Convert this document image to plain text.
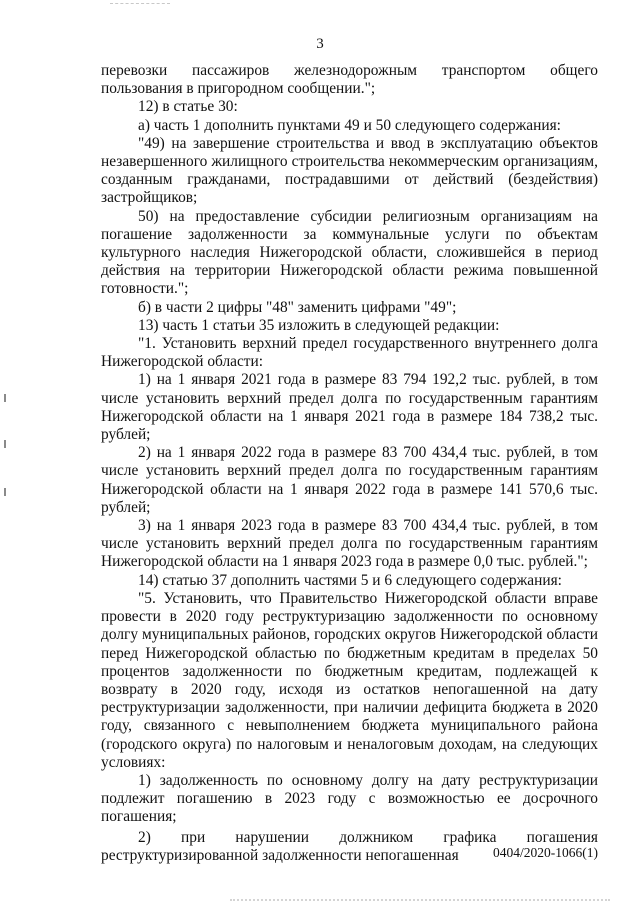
3

перевозки пассажиров железнодорожным транспортом общего пользования в пригородном сообщении.";

12) в статье 30:

а) часть 1 дополнить пунктами 49 и 50 следующего содержания:

"49) на завершение строительства и ввод в эксплуатацию объектов незавершенного жилищного строительства некоммерческим организациям, созданным гражданами, пострадавшими от действий (бездействия) застройщиков;

50) на предоставление субсидии религиозным организациям на погашение задолженности за коммунальные услуги по объектам культурного наследия Нижегородской области, сложившейся в период действия на территории Нижегородской области режима повышенной готовности.";

б) в части 2 цифры "48" заменить цифрами "49";

13) часть 1 статьи 35 изложить в следующей редакции:

"1. Установить верхний предел государственного внутреннего долга Нижегородской области:

1) на 1 января 2021 года в размере 83 794 192,2 тыс. рублей, в том числе установить верхний предел долга по государственным гарантиям Нижегородской области на 1 января 2021 года в размере 184 738,2 тыс. рублей;

2) на 1 января 2022 года в размере 83 700 434,4 тыс. рублей, в том числе установить верхний предел долга по государственным гарантиям Нижегородской области на 1 января 2022 года в размере 141 570,6 тыс. рублей;

3) на 1 января 2023 года в размере 83 700 434,4 тыс. рублей, в том числе установить верхний предел долга по государственным гарантиям Нижегородской области на 1 января 2023 года в размере 0,0 тыс. рублей.";

14) статью 37 дополнить частями 5 и 6 следующего содержания:

"5. Установить, что Правительство Нижегородской области вправе провести в 2020 году реструктуризацию задолженности по основному долгу муниципальных районов, городских округов Нижегородской области перед Нижегородской областью по бюджетным кредитам в пределах 50 процентов задолженности по бюджетным кредитам, подлежащей к возврату в 2020 году, исходя из остатков непогашенной на дату реструктуризации задолженности, при наличии дефицита бюджета в 2020 году, связанного с невыполнением бюджета муниципального района (городского округа) по налоговым и неналоговым доходам, на следующих условиях:

1) задолженность по основному долгу на дату реструктуризации подлежит погашению в 2023 году с возможностью ее досрочного погашения;

2) при нарушении должником графика погашения реструктуризированной задолженности непогашенная	0404/2020-1066(1)
